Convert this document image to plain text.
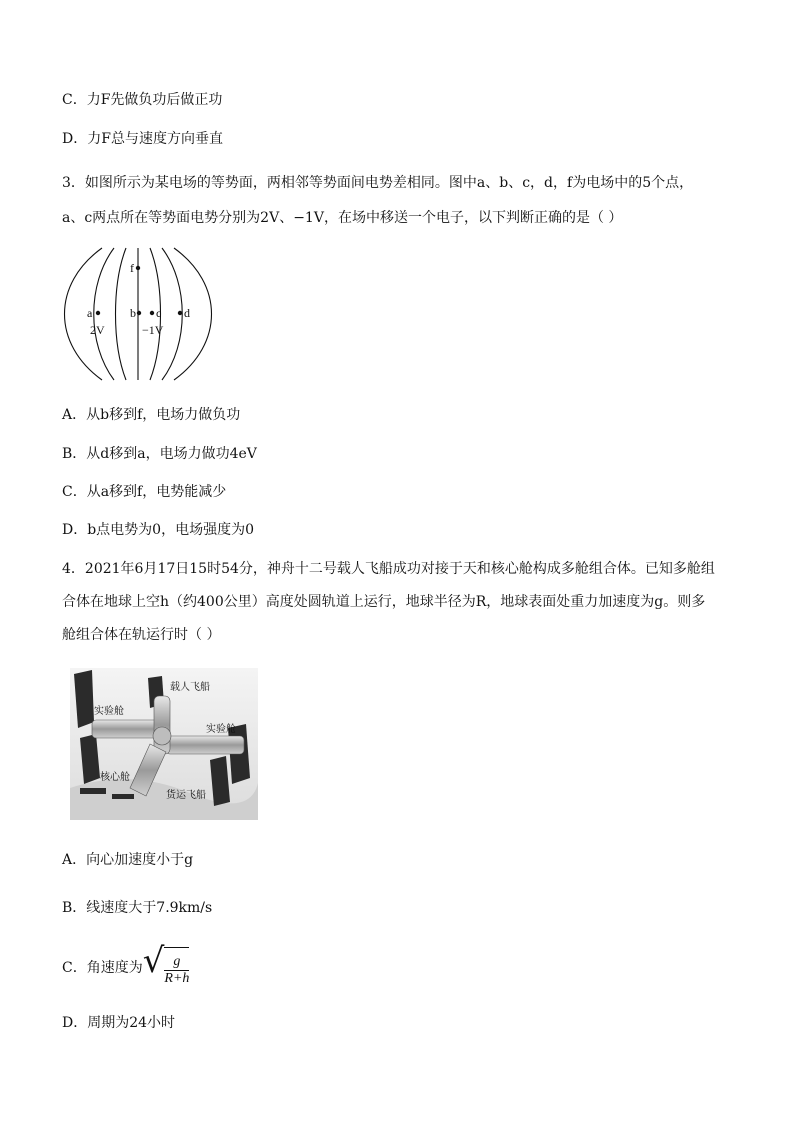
C．力F先做负功后做正功
D．力F总与速度方向垂直
3．如图所示为某电场的等势面，两相邻等势面间电势差相同。图中a、b、c，d，f为电场中的5个点，
a、c两点所在等势面电势分别为2V、−1V，在场中移送一个电子，以下判断正确的是（ ）
a	b c d
f
2V	−1V
A．从b移到f，电场力做负功
B．从d移到a，电场力做功4eV
C．从a移到f，电势能减少
D．b点电势为0，电场强度为0
4．2021年6月17日15时54分，神舟十二号载人飞船成功对接于天和核心舱构成多舱组合体。已知多舱组
合体在地球上空h（约400公里）高度处圆轨道上运行，地球半径为R，地球表面处重力加速度为g。则多
舱组合体在轨运行时（ ）
载人飞船
实验舱
实验舱
核心舱
货运飞船
A．向心加速度小于g
B．线速度大于7.9km/s
C．角速度为 √ $\frac{g}{R+h}$
D．周期为24小时
